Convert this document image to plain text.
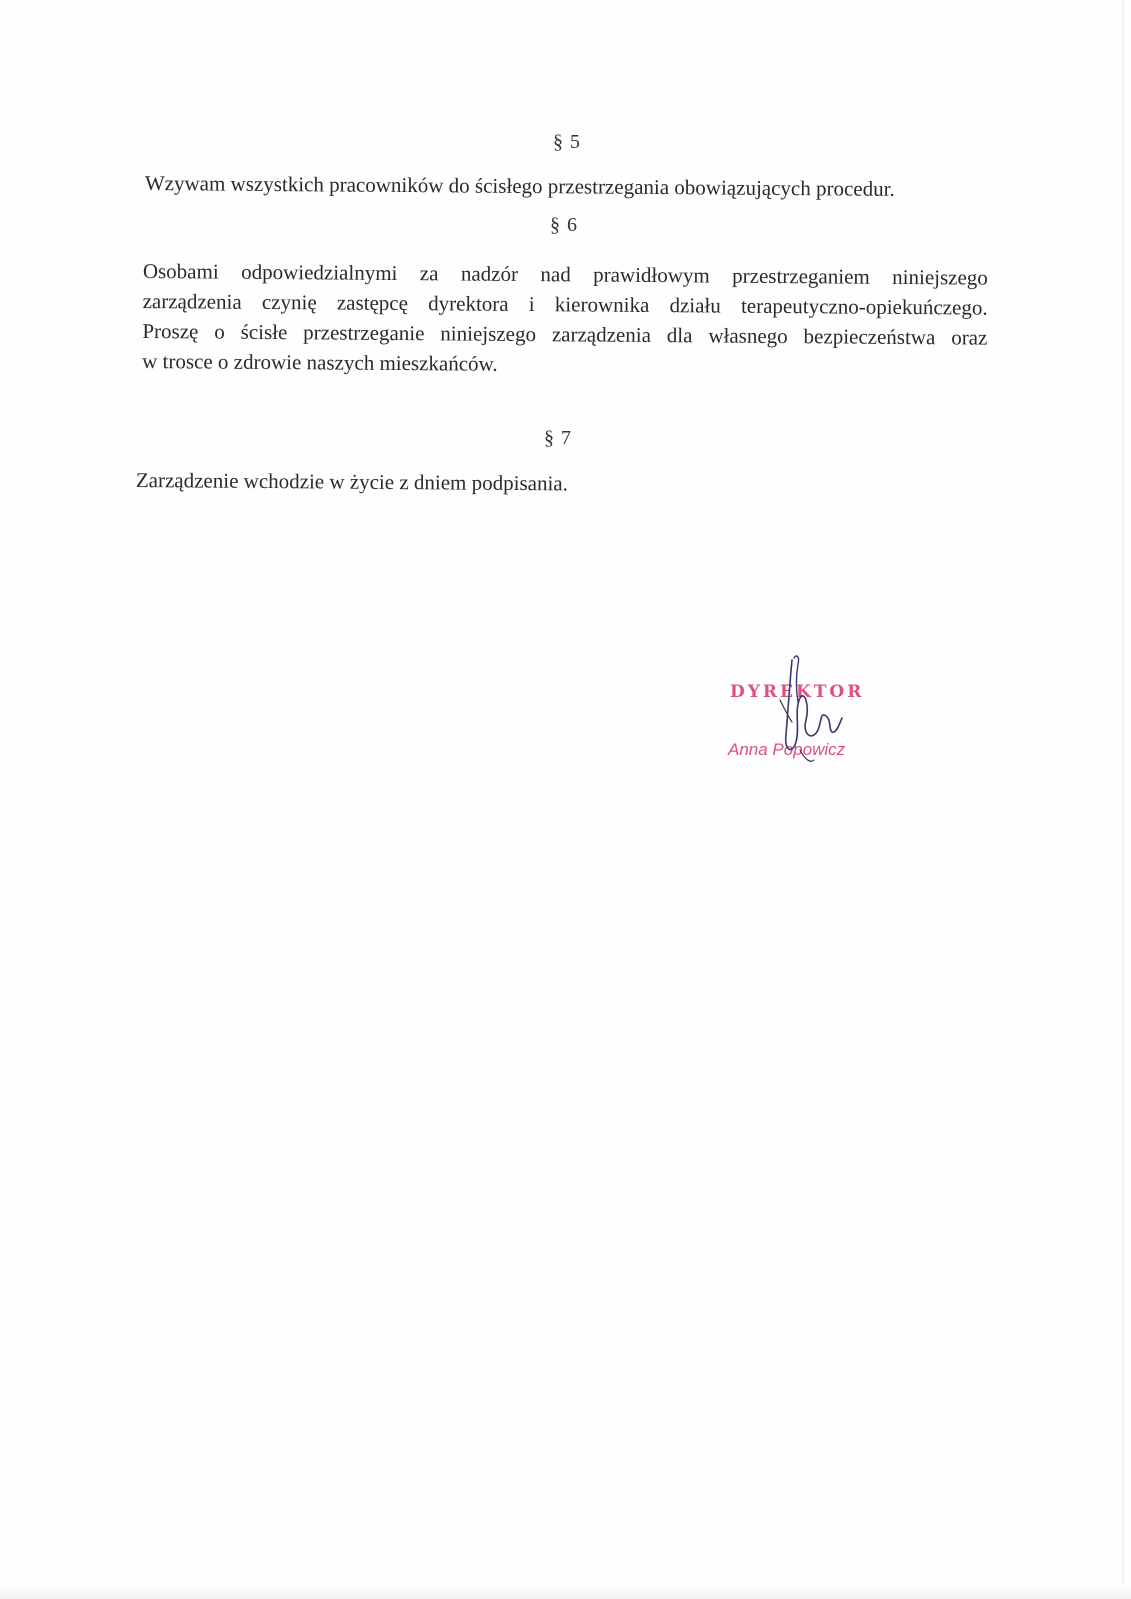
§ 5
Wzywam wszystkich pracowników do ścisłego przestrzegania obowiązujących procedur.
§ 6
Osobami odpowiedzialnymi za nadzór nad prawidłowym przestrzeganiem niniejszego
zarządzenia czynię zastępcę dyrektora i kierownika działu terapeutyczno-opiekuńczego.
Proszę o ścisłe przestrzeganie niniejszego zarządzenia dla własnego bezpieczeństwa oraz
w trosce o zdrowie naszych mieszkańców.
§ 7
Zarządzenie wchodzie w życie z dniem podpisania.
DYREKTOR
Anna Popowicz
